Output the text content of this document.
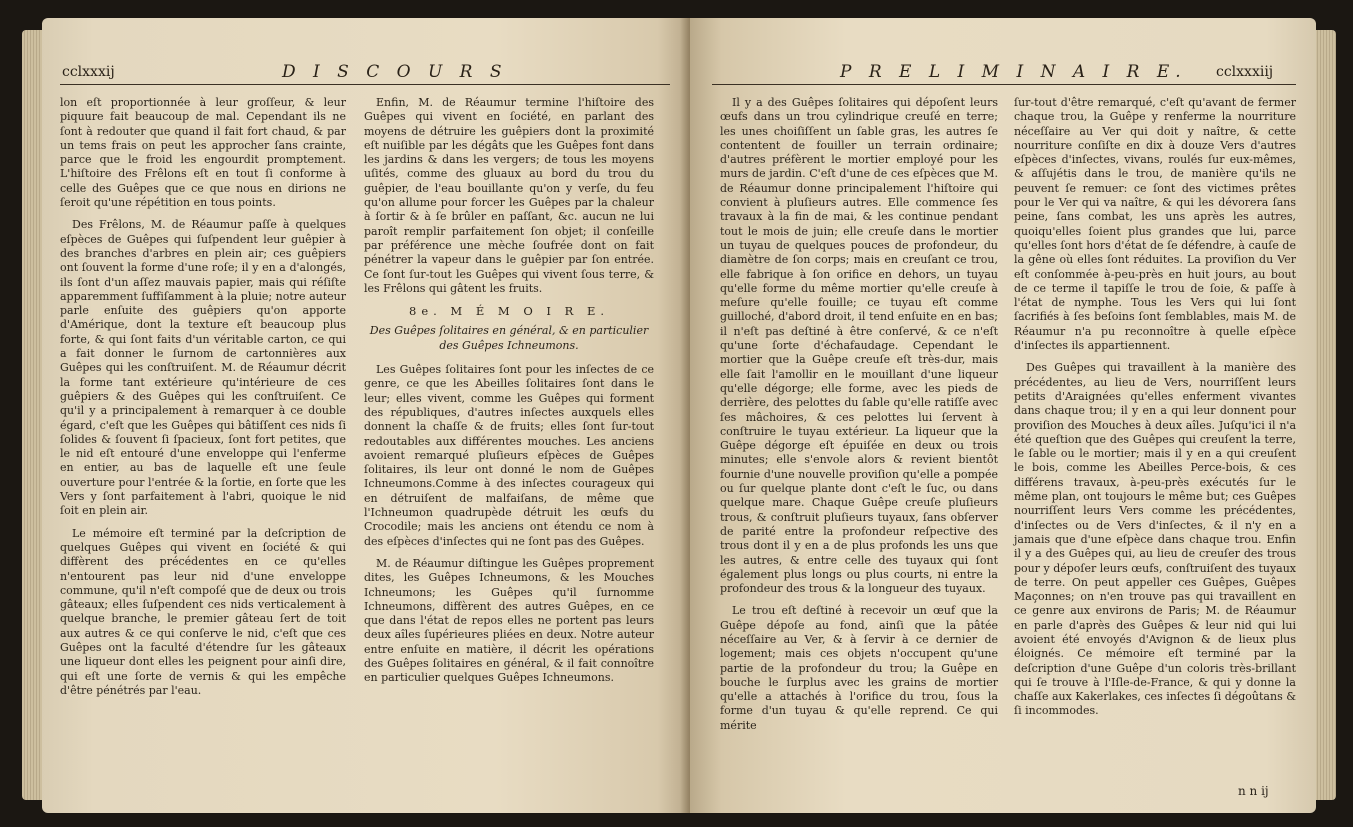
cclxxxij	D I S C O U R S

lon eſt proportionnée à leur groſſeur, & leur piquure fait beaucoup de mal. Cependant ils ne ſont à redouter que quand il fait fort chaud, & par un tems frais on peut les approcher ſans crainte, parce que le froid les engourdit promptement. L'hiſtoire des Frêlons eſt en tout ſi conforme à celle des Guêpes que ce que nous en dirions ne ſeroit qu'une répétition en tous points.

Des Frêlons, M. de Réaumur paſſe à quelques eſpèces de Guêpes qui ſuſpendent leur guêpier à des branches d'arbres en plein air; ces guêpiers ont ſouvent la forme d'une roſe; il y en a d'alongés, ils ſont d'un aſſez mauvais papier, mais qui réſiſte apparemment ſuffiſamment à la pluie; notre auteur parle enſuite des guêpiers qu'on apporte d'Amérique, dont la texture eſt beaucoup plus forte, & qui ſont faits d'un véritable carton, ce qui a fait donner le ſurnom de cartonnières aux Guêpes qui les conſtruiſent. M. de Réaumur décrit la forme tant extérieure qu'intérieure de ces guêpiers & des Guêpes qui les conſtruiſent. Ce qu'il y a principalement à remarquer à ce double égard, c'eſt que les Guêpes qui bâtiſſent ces nids ſi ſolides & ſouvent ſi ſpacieux, ſont fort petites, que le nid eſt entouré d'une enveloppe qui l'enferme en entier, au bas de laquelle eſt une ſeule ouverture pour l'entrée & la ſortie, en ſorte que les Vers y ſont parfaitement à l'abri, quoique le nid ſoit en plein air.

Le mémoire eſt terminé par la deſcription de quelques Guêpes qui vivent en ſociété & qui diffèrent des précédentes en ce qu'elles n'entourent pas leur nid d'une enveloppe commune, qu'il n'eſt compoſé que de deux ou trois gâteaux; elles ſuſpendent ces nids verticalement à quelque branche, le premier gâteau ſert de toit aux autres & ce qui conſerve le nid, c'eſt que ces Guêpes ont la faculté d'étendre ſur les gâteaux une liqueur dont elles les peignent pour ainſi dire, qui eſt une ſorte de vernis & qui les empêche d'être pénétrés par l'eau.

Enfin, M. de Réaumur termine l'hiſtoire des Guêpes qui vivent en ſociété, en parlant des moyens de détruire les guêpiers dont la proximité eſt nuiſible par les dégâts que les Guêpes font dans les jardins & dans les vergers; de tous les moyens uſités, comme des gluaux au bord du trou du guêpier, de l'eau bouillante qu'on y verſe, du feu qu'on allume pour forcer les Guêpes par la chaleur à ſortir & à ſe brûler en paſſant, &c. aucun ne lui paroît remplir parfaitement ſon objet; il conſeille par préférence une mèche ſoufrée dont on fait pénétrer la vapeur dans le guêpier par ſon entrée. Ce ſont ſur-tout les Guêpes qui vivent ſous terre, & les Frêlons qui gâtent les fruits.

8e. M É M O I R E.
Des Guêpes ſolitaires en général, & en particulier des Guêpes Ichneumons.

Les Guêpes ſolitaires ſont pour les inſectes de ce genre, ce que les Abeilles ſolitaires ſont dans le leur; elles vivent, comme les Guêpes qui forment des républiques, d'autres inſectes auxquels elles donnent la chaſſe & de fruits; elles ſont ſur-tout redoutables aux différentes mouches. Les anciens avoient remarqué pluſieurs eſpèces de Guêpes ſolitaires, ils leur ont donné le nom de Guêpes Ichneumons.Comme à des inſectes courageux qui en détruiſent de malfaiſans, de même que l'Ichneumon quadrupède détruit les œufs du Crocodile; mais les anciens ont étendu ce nom à des eſpèces d'inſectes qui ne ſont pas des Guêpes.

M. de Réaumur diſtingue les Guêpes proprement dites, les Guêpes Ichneumons, & les Mouches Ichneumons; les Guêpes qu'il ſurnomme Ichneumons, diffèrent des autres Guêpes, en ce que dans l'état de repos elles ne portent pas leurs deux aîles ſupérieures pliées en deux. Notre auteur entre enſuite en matière, il décrit les opérations des Guêpes ſolitaires en général, & il fait connoître en particulier quelques Guêpes Ichneumons.

P R E L I M I N A I R E. cclxxxiij

Il y a des Guêpes ſolitaires qui dépoſent leurs œufs dans un trou cylindrique creuſé en terre; les unes choiſiſſent un ſable gras, les autres ſe contentent de fouiller un terrain ordinaire; d'autres préfèrent le mortier employé pour les murs de jardin. C'eſt d'une de ces eſpèces que M. de Réaumur donne principalement l'hiſtoire qui convient à pluſieurs autres. Elle commence ſes travaux à la fin de mai, & les continue pendant tout le mois de juin; elle creuſe dans le mortier un tuyau de quelques pouces de profondeur, du diamètre de ſon corps; mais en creuſant ce trou, elle fabrique à ſon orifice en dehors, un tuyau qu'elle forme du même mortier qu'elle creuſe à meſure qu'elle fouille; ce tuyau eſt comme guilloché, d'abord droit, il tend enſuite en en bas; il n'eſt pas deſtiné à être conſervé, & ce n'eſt qu'une ſorte d'échafaudage. Cependant le mortier que la Guêpe creuſe eſt très-dur, mais elle ſait l'amollir en le mouillant d'une liqueur qu'elle dégorge; elle forme, avec les pieds de derrière, des pelottes du ſable qu'elle ratiſſe avec ſes mâchoires, & ces pelottes lui ſervent à conſtruire le tuyau extérieur. La liqueur que la Guêpe dégorge eſt épuiſée en deux ou trois minutes; elle s'envole alors & revient bientôt fournie d'une nouvelle proviſion qu'elle a pompée ou ſur quelque plante dont c'eſt le ſuc, ou dans quelque mare. Chaque Guêpe creuſe pluſieurs trous, & conſtruit pluſieurs tuyaux, ſans obſerver de parité entre la profondeur reſpective des trous dont il y en a de plus profonds les uns que les autres, & entre celle des tuyaux qui ſont également plus longs ou plus courts, ni entre la profondeur des trous & la longueur des tuyaux.

Le trou eſt deſtiné à recevoir un œuf que la Guêpe dépoſe au fond, ainſi que la pâtée néceſſaire au Ver, & à ſervir à ce dernier de logement; mais ces objets n'occupent qu'une partie de la profondeur du trou; la Guêpe en bouche le ſurplus avec les grains de mortier qu'elle a attachés à l'orifice du trou, ſous la forme d'un tuyau & qu'elle reprend. Ce qui mérite

ſur-tout d'être remarqué, c'eſt qu'avant de fermer chaque trou, la Guêpe y renferme la nourriture néceſſaire au Ver qui doit y naître, & cette nourriture conſiſte en dix à douze Vers d'autres eſpèces d'inſectes, vivans, roulés ſur eux-mêmes, & aſſujétis dans le trou, de manière qu'ils ne peuvent ſe remuer: ce ſont des victimes prêtes pour le Ver qui va naître, & qui les dévorera ſans peine, ſans combat, les uns après les autres, quoiqu'elles ſoient plus grandes que lui, parce qu'elles ſont hors d'état de ſe défendre, à cauſe de la gêne où elles ſont réduites. La proviſion du Ver eſt conſommée à-peu-près en huit jours, au bout de ce terme il tapiſſe le trou de ſoie, & paſſe à l'état de nymphe. Tous les Vers qui lui ſont ſacrifiés à ſes beſoins ſont ſemblables, mais M. de Réaumur n'a pu reconnoître à quelle eſpèce d'inſectes ils appartiennent.

Des Guêpes qui travaillent à la manière des précédentes, au lieu de Vers, nourriſſent leurs petits d'Araignées qu'elles enferment vivantes dans chaque trou; il y en a qui leur donnent pour proviſion des Mouches à deux aîles. Juſqu'ici il n'a été queſtion que des Guêpes qui creuſent la terre, le ſable ou le mortier; mais il y en a qui creuſent le bois, comme les Abeilles Perce-bois, & ces différens travaux, à-peu-près exécutés ſur le même plan, ont toujours le même but; ces Guêpes nourriſſent leurs Vers comme les précédentes, d'inſectes ou de Vers d'inſectes, & il n'y en a jamais que d'une eſpèce dans chaque trou. Enfin il y a des Guêpes qui, au lieu de creuſer des trous pour y dépoſer leurs œufs, conſtruiſent des tuyaux de terre. On peut appeller ces Guêpes, Guêpes Maçonnes; on n'en trouve pas qui travaillent en ce genre aux environs de Paris; M. de Réaumur en parle d'après des Guêpes & leur nid qui lui avoient été envoyés d'Avignon & de lieux plus éloignés. Ce mémoire eſt terminé par la deſcription d'une Guêpe d'un coloris très-brillant qui ſe trouve à l'Iſle-de-France, & qui y donne la chaſſe aux Kakerlakes, ces inſectes ſi dégoûtans & ſi incommodes.

n n ij
